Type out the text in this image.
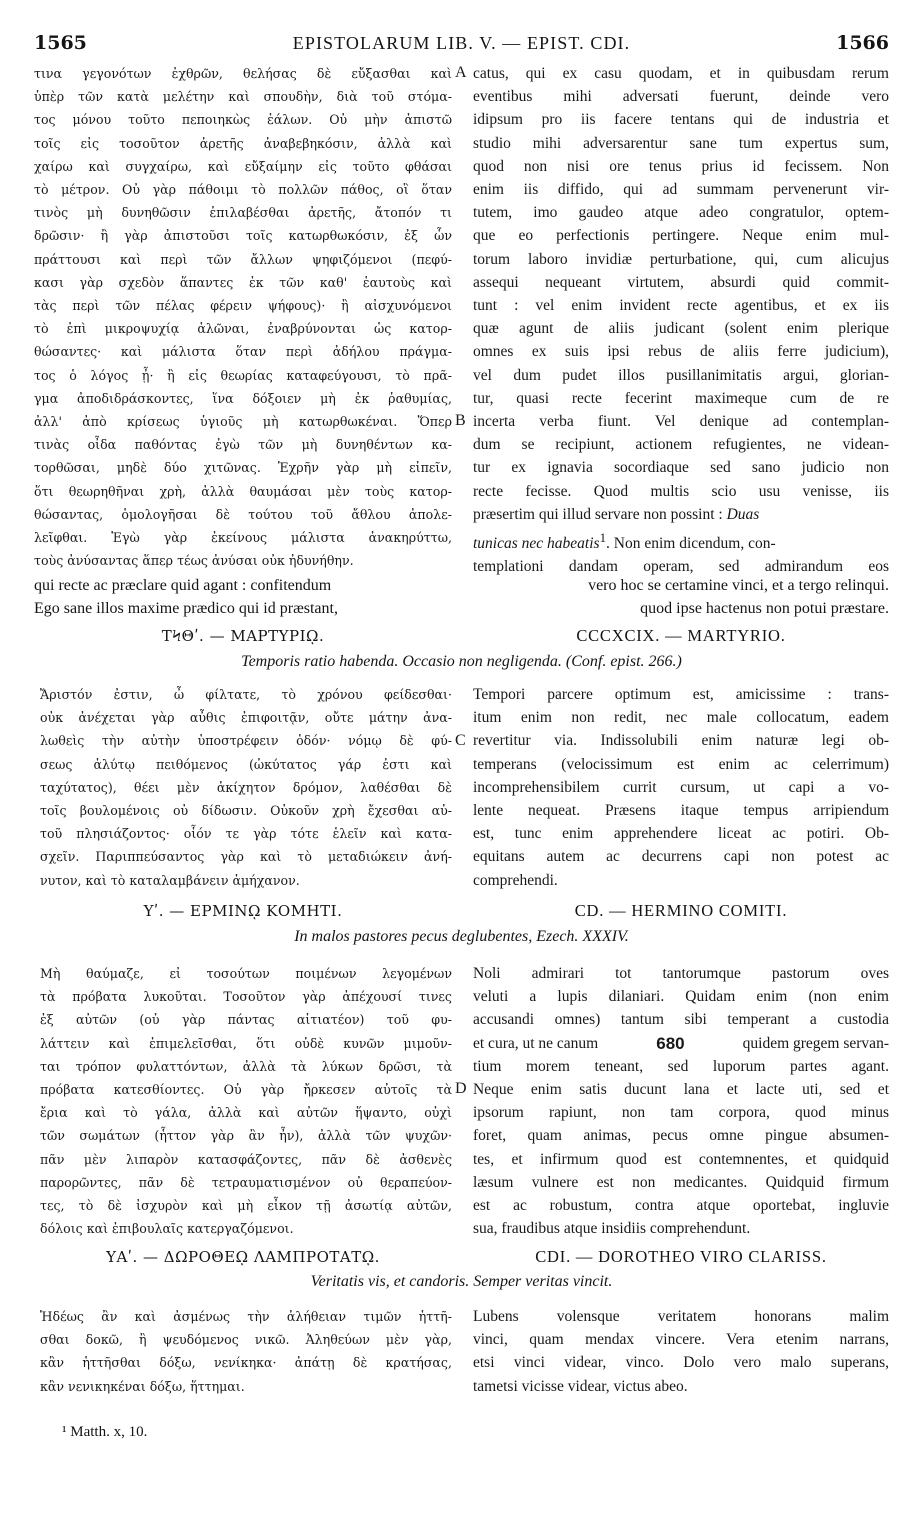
1565	EPISTOLARUM LIB. V. — EPIST. CDI.	1566
τινα γεγονότων ἐχθρῶν, θελήσας δὲ εὔξασθαι καὶ
ὑπὲρ τῶν κατὰ μελέτην καὶ σπουδὴν, διὰ τοῦ στόμα-
τος μόνου τοῦτο πεποιηκὼς ἑάλων. Οὐ μὴν ἀπιστῶ
τοῖς εἰς τοσοῦτον ἀρετῆς ἀναβεβηκόσιν, ἀλλὰ καὶ
χαίρω καὶ συγχαίρω, καὶ εὔξαίμην εἰς τοῦτο φθάσαι
τὸ μέτρον. Οὐ γὰρ πάθοιμι τὸ πολλῶν πάθος, οἳ ὅταν
τινὸς μὴ δυνηθῶσιν ἐπιλαβέσθαι ἀρετῆς, ἄτοπόν τι
δρῶσιν· ἢ γὰρ ἀπιστοῦσι τοῖς κατωρθωκόσιν, ἐξ ὧν
πράττουσι καὶ περὶ τῶν ἄλλων ψηφιζόμενοι (πεφύ-
κασι γὰρ σχεδὸν ἅπαντες ἐκ τῶν καθ' ἑαυτοὺς καὶ
τὰς περὶ τῶν πέλας φέρειν ψήφους)· ἢ αἰσχυνόμενοι
τὸ ἐπὶ μικροψυχίᾳ ἁλῶναι, ἐναβρύνονται ὡς κατορ-
θώσαντες· καὶ μάλιστα ὅταν περὶ ἀδήλου πράγμα-
τος ὁ λόγος ᾖ· ἢ εἰς θεωρίας καταφεύγουσι, τὸ πρᾶ-
γμα ἀποδιδράσκοντες, ἵνα δόξοιεν μὴ ἐκ ῥαθυμίας,
ἀλλ' ἀπὸ κρίσεως ὑγιοῦς μὴ κατωρθωκέναι. Ὅπερ
τινὰς οἶδα παθόντας ἐγὼ τῶν μὴ δυνηθέντων κα-
τορθῶσαι, μηδὲ δύο χιτῶνας. Ἐχρῆν γὰρ μὴ εἰπεῖν,
ὅτι θεωρηθῆναι χρὴ, ἀλλὰ θαυμάσαι μὲν τοὺς κατορ-
θώσαντας, ὁμολογῆσαι δὲ τούτου τοῦ ἄθλου ἀπολε-
λεῖφθαι. Ἐγὼ γὰρ ἐκείνους μάλιστα ἀνακηρύττω,
τοὺς ἀνύσαντας ἅπερ τέως ἀνύσαι οὐκ ἠδυνήθην.
A
B
catus, qui ex casu quodam, et in quibusdam rerum
eventibus mihi adversati fuerunt, deinde vero
idipsum pro iis facere tentans qui de industria et
studio mihi adversarentur sane tum expertus sum,
quod non nisi ore tenus prius id fecissem. Non
enim iis diffido, qui ad summam pervenerunt vir-
tutem, imo gaudeo atque adeo congratulor, optem-
que eo perfectionis pertingere. Neque enim mul-
torum laboro invidiæ perturbatione, qui, cum alicujus
assequi nequeant virtutem, absurdi quid commit-
tunt : vel enim invident recte agentibus, et ex iis
quæ agunt de aliis judicant (solent enim plerique
omnes ex suis ipsi rebus de aliis ferre judicium),
vel dum pudet illos pusillanimitatis argui, glorian-
tur, quasi recte fecerint maximeque cum de re
incerta verba fiunt. Vel denique ad contemplan-
dum se recipiunt, actionem refugientes, ne videan-
tur ex ignavia socordiaque sed sano judicio non
recte fecisse. Quod multis scio usu venisse, iis
præsertim qui illud servare non possint : Duas
tunicas nec habeatis$^1$. Non enim dicendum, con-
templationi dandam operam, sed admirandum eos
qui recte ac præclare quid agant : confitendum	vero hoc se certamine vinci, et a tergo relinqui.
Ego sane illos maxime prædico qui id præstant,	quod ipse hactenus non potui præstare.
ΤϞΘʹ. — ΜΑΡΤΥΡΙῼ.	CCCXCIX. — MARTYRIO.
Temporis ratio habenda. Occasio non negligenda. (Conf. epist. 266.)
Ἄριστόν ἐστιν, ὦ φίλτατε, τὸ χρόνου φείδεσθαι·
οὐκ ἀνέχεται γὰρ αὖθις ἐπιφοιτᾷν, οὔτε μάτην ἀνα-
λωθεὶς τὴν αὐτὴν ὑποστρέφειν ὁδόν· νόμῳ δὲ φύ-
σεως ἀλύτῳ πειθόμενος (ὠκύτατος γάρ ἐστι καὶ
ταχύτατος), θέει μὲν ἀκίχητον δρόμον, λαθέσθαι δὲ
τοῖς βουλομένοις οὐ δίδωσιν. Οὐκοῦν χρὴ ἔχεσθαι αὐ-
τοῦ πλησιάζοντος· οἷόν τε γὰρ τότε ἑλεῖν καὶ κατα-
σχεῖν. Παριππεύσαντος γὰρ καὶ τὸ μεταδιώκειν ἀνή-
νυτον, καὶ τὸ καταλαμβάνειν ἀμήχανον.
C
Tempori parcere optimum est, amicissime : trans-
itum enim non redit, nec male collocatum, eadem
revertitur via. Indissolubili enim naturæ legi ob-
temperans (velocissimum est enim ac celerrimum)
incomprehensibilem currit cursum, ut capi a vo-
lente nequeat. Præsens itaque tempus arripiendum
est, tunc enim apprehendere liceat ac potiri. Ob-
equitans autem ac decurrens capi non potest ac
comprehendi.
Υʹ. — ΕΡΜΙΝῼ ΚΟΜΗΤΙ.	CD. — HERMINO COMITI.
In malos pastores pecus deglubentes, Ezech. XXXIV.
Μὴ θαύμαζε, εἰ τοσούτων ποιμένων λεγομένων
τὰ πρόβατα λυκοῦται. Τοσοῦτον γὰρ ἀπέχουσί τινες
ἐξ αὐτῶν (οὐ γὰρ πάντας αἰτιατέον) τοῦ φυ-
λάττειν καὶ ἐπιμελεῖσθαι, ὅτι οὐδὲ κυνῶν μιμοῦν-
ται τρόπον φυλαττόντων, ἀλλὰ τὰ λύκων δρῶσι, τὰ
πρόβατα κατεσθίοντες. Οὐ γὰρ ἤρκεσεν αὐτοῖς τὰ
ἔρια καὶ τὸ γάλα, ἀλλὰ καὶ αὐτῶν ἥψαντο, οὐχὶ
τῶν σωμάτων (ἧττον γὰρ ἂν ἦν), ἀλλὰ τῶν ψυχῶν·
πᾶν μὲν λιπαρὸν κατασφάζοντες, πᾶν δὲ ἀσθενὲς
παρορῶντες, πᾶν δὲ τετραυματισμένον οὐ θεραπεύον-
τες, τὸ δὲ ἰσχυρὸν καὶ μὴ εἶκον τῇ ἀσωτίᾳ αὐτῶν,
δόλοις καὶ ἐπιβουλαῖς κατεργαζόμενοι.
D
Noli admirari tot tantorumque pastorum oves
veluti a lupis dilaniari. Quidam enim (non enim
accusandi omnes) tantum sibi temperant a custodia
et cura, ut ne canum	680	quidem gregem servan-
tium morem teneant, sed luporum partes agant.
Neque enim satis ducunt lana et lacte uti, sed et
ipsorum rapiunt, non tam corpora, quod minus
foret, quam animas, pecus omne pingue absumen-
tes, et infirmum quod est contemnentes, et quidquid
læsum vulnere est non medicantes. Quidquid firmum
est ac robustum, contra atque oportebat, ingluvie
sua, fraudibus atque insidiis comprehendunt.
ΥΑʹ. — ΔΩΡΟΘΕῼ ΛΑΜΠΡΟΤΑΤῼ.	CDI. — DOROTHEO VIRO CLARISS.
Veritatis vis, et candoris. Semper veritas vincit.
Ἡδέως ἂν καὶ ἀσμένως τὴν ἀλήθειαν τιμῶν ἡττῆ-
σθαι δοκῶ, ἢ ψευδόμενος νικῶ. Ἀληθεύων μὲν γὰρ,
κἂν ἡττῆσθαι δόξω, νενίκηκα· ἀπάτῃ δὲ κρατήσας,
κἂν νενικηκέναι δόξω, ἥττημαι.
Lubens volensque veritatem honorans malim
vinci, quam mendax vincere. Vera etenim narrans,
etsi vinci videar, vinco. Dolo vero malo superans,
tametsi vicisse videar, victus abeo.
¹ Matth. x, 10.
